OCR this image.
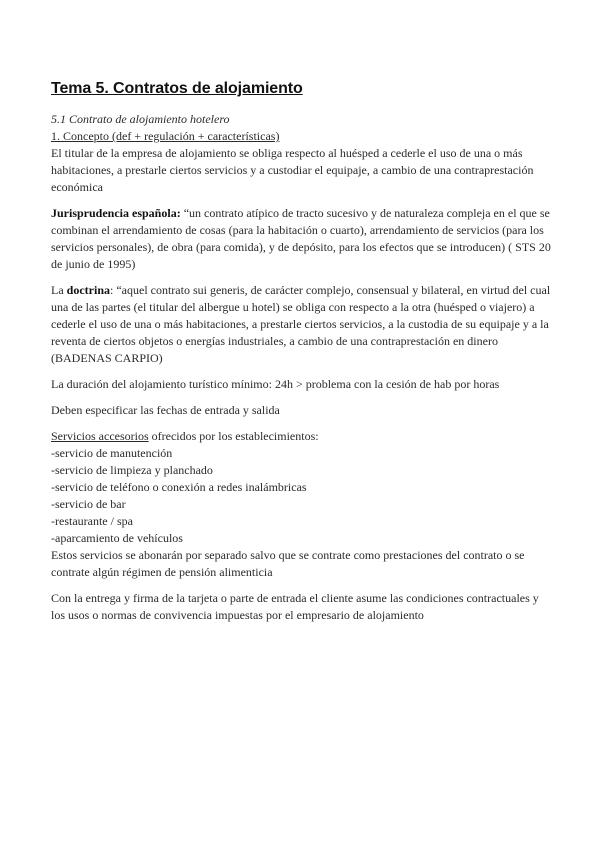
Tema 5. Contratos de alojamiento

5.1 Contrato de alojamiento hotelero

1. Concepto (def + regulación + características)

El titular de la empresa de alojamiento se obliga respecto al huésped a cederle el uso de una o más habitaciones, a prestarle ciertos servicios y a custodiar el equipaje, a cambio de una contraprestación económica

Jurisprudencia española: “un contrato atípico de tracto sucesivo y de naturaleza compleja en el que se combinan el arrendamiento de cosas (para la habitación o cuarto), arrendamiento de servicios (para los servicios personales), de obra (para comida), y de depósito, para los efectos que se introducen) ( STS 20 de junio de 1995)

La doctrina: “aquel contrato sui generis, de carácter complejo, consensual y bilateral, en virtud del cual una de las partes (el titular del albergue u hotel) se obliga con respecto a la otra (huésped o viajero) a cederle el uso de una o más habitaciones, a prestarle ciertos servicios, a la custodia de su equipaje y a la reventa de ciertos objetos o energías industriales, a cambio de una contraprestación en dinero (BADENAS CARPIO)

La duración del alojamiento turístico mínimo: 24h > problema con la cesión de hab por horas

Deben especificar las fechas de entrada y salida

Servicios accesorios ofrecidos por los establecimientos:

-servicio de manutención

-servicio de limpieza y planchado

-servicio de teléfono o conexión a redes inalámbricas

-servicio de bar

-restaurante / spa

-aparcamiento de vehículos

Estos servicios se abonarán por separado salvo que se contrate como prestaciones del contrato o se contrate algún régimen de pensión alimenticia

Con la entrega y firma de la tarjeta o parte de entrada el cliente asume las condiciones contractuales y los usos o normas de convivencia impuestas por el empresario de alojamiento
